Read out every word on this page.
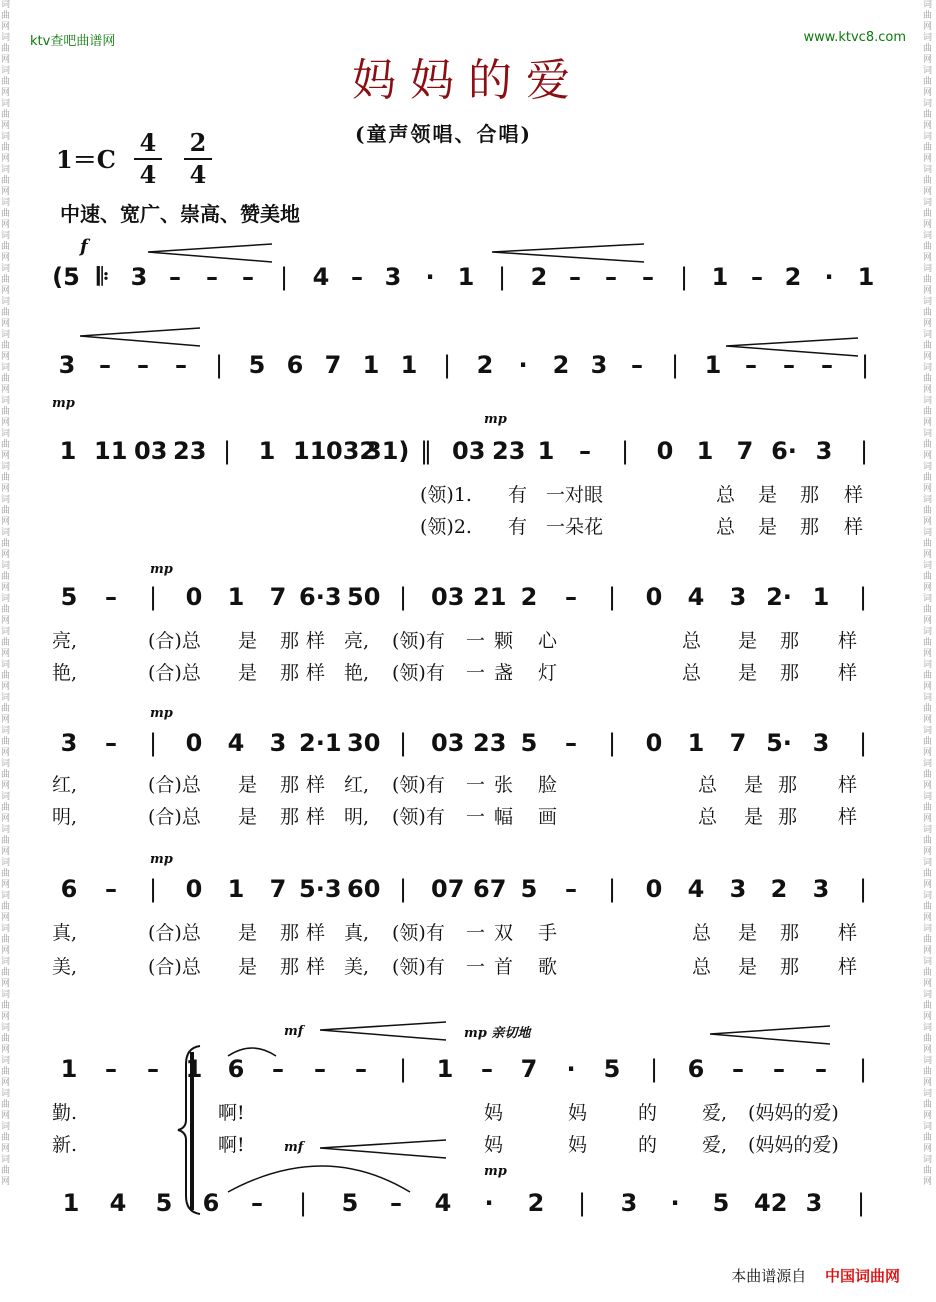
词曲网词曲网词曲网词曲网词曲网词曲网词曲网词曲网词曲网词曲网词曲网词曲网词曲网词曲网词曲网词曲网词曲网词曲网词曲网词曲网词曲网词曲网词曲网词曲网词曲网词曲网词曲网词曲网词曲网词曲网词曲网词曲网词曲网词曲网词曲网词曲网
词曲网词曲网词曲网词曲网词曲网词曲网词曲网词曲网词曲网词曲网词曲网词曲网词曲网词曲网词曲网词曲网词曲网词曲网词曲网词曲网词曲网词曲网词曲网词曲网词曲网词曲网词曲网词曲网词曲网词曲网词曲网词曲网词曲网词曲网词曲网词曲网
ktv查吧曲谱网	www.ktvc8.com
妈妈的爱
(童声领唱、合唱)
$1=C \frac{4}{4} \frac{2}{4}$
中速、宽广、崇高、赞美地
f
mp
mp
mp
mp
mp
mf	mp 亲切地
mf
mp
(5 𝄆 3 – – – | 4 – 3 · 1 | 2 – – – | 1 – 2 · 1
3 – – – | 5 6 7 1 1 | 2 · 2 3 – | 1 – – – |
1 11 03 23 | 1 11 032
31) ‖ 03 23 1 – | 0 1 7 6· 3 |
5 – | 0 1 7 6·3 50 | 03 21 2 – | 0 4 3 2· 1 |
3 – | 0 4 3 2·1 30 | 03 23 5 – | 0 1 7 5· 3 |
6 – | 0 1 7 5·3 60 | 07 67 5 – | 0 4 3 2 3 |
1 – – 1 6 – – – | 1 – 7 · 5 | 6 – – – |
1 4 5 6 – | 5 – 4 · 2 | 3 · 5 42 3 |
(领)1. 有 一对眼	总 是 那 样
(领)2. 有 一朵花	总 是 那 样
亮,	(合)总 是 那 样 亮, (领)有 一 颗 心	总 是 那 样
艳,	(合)总 是 那 样 艳, (领)有 一 盏 灯	总 是 那 样
红,	(合)总 是 那 样 红, (领)有 一 张 脸	总 是 那 样
明,	(合)总 是 那 样 明, (领)有 一 幅 画	总 是 那 样
真,	(合)总 是 那 样 真, (领)有 一 双 手	总 是 那 样
美,	(合)总 是 那 样 美, (领)有 一 首 歌	总 是 那 样
勤.	啊!	妈	妈	的 爱, (妈妈的爱)
新.	啊!	妈	妈	的 爱, (妈妈的爱)
本曲谱源自 中国词曲网
